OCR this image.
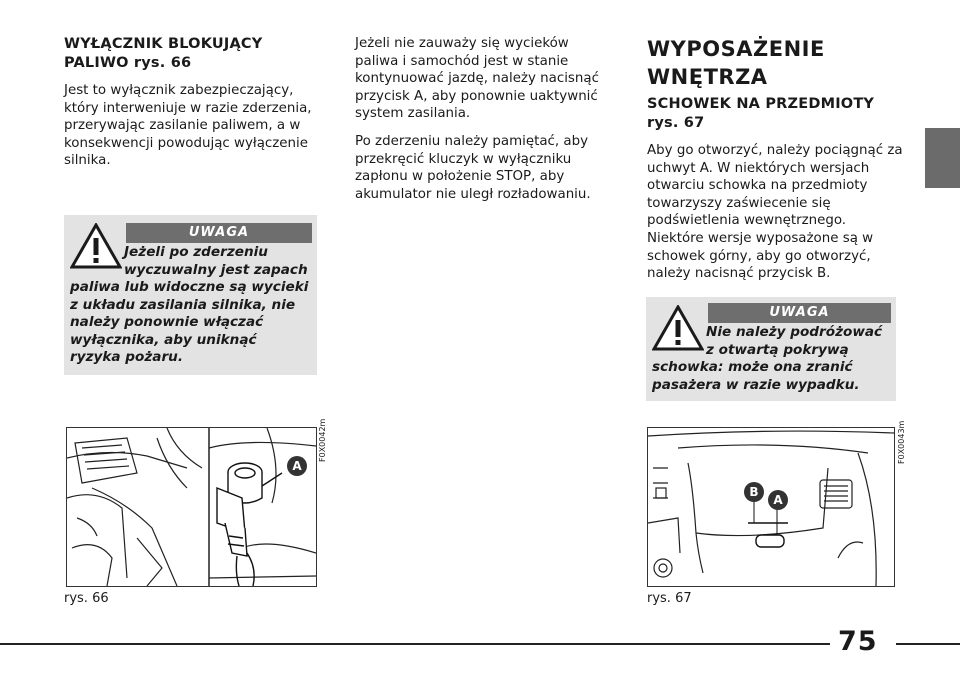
WYŁĄCZNIK BLOKUJĄCY
PALIWO rys. 66
Jest to wyłącznik zabezpieczający,
który interweniuje w razie zderzenia,
przerywając zasilanie paliwem, a w
konsekwencji powodując wyłączenie
silnika.
UWAGA
Jeżeli po zderzeniu
wyczuwalny jest zapach
paliwa lub widoczne są wycieki
z układu zasilania silnika, nie
należy ponownie włączać
wyłącznika, aby uniknąć
ryzyka pożaru.
A
F0X0042m
rys. 66
Jeżeli nie zauważy się wycieków
paliwa i samochód jest w stanie
kontynuować jazdę, należy nacisnąć
przycisk A, aby ponownie uaktywnić
system zasilania.
Po zderzeniu należy pamiętać, aby
przekręcić kluczyk w wyłączniku
zapłonu w położenie STOP, aby
akumulator nie uległ rozładowaniu.
WYPOSAŻENIE
WNĘTRZA
SCHOWEK NA PRZEDMIOTY
rys. 67
Aby go otworzyć, należy pociągnąć za
uchwyt A. W niektórych wersjach
otwarciu schowka na przedmioty
towarzyszy zaświecenie się
podświetlenia wewnętrznego.
Niektóre wersje wyposażone są w
schowek górny, aby go otworzyć,
należy nacisnąć przycisk B.
UWAGA
Nie należy podróżować
z otwartą pokrywą
schowka: może ona zranić
pasażera w razie wypadku.
B
A
F0X0043m
rys. 67
75
